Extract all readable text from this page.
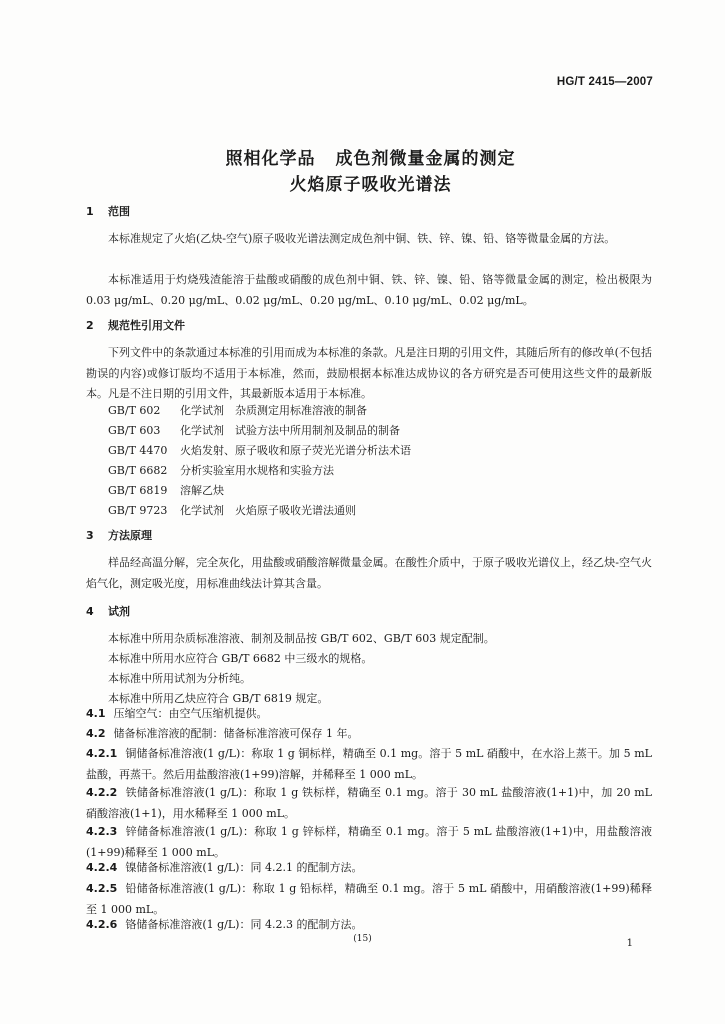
HG/T 2415—2007
照相化学品 成色剂微量金属的测定
火焰原子吸收光谱法
1 范围
本标准规定了火焰(乙炔-空气)原子吸收光谱法测定成色剂中铜、铁、锌、镍、铅、铬等微量金属的方法。
本标准适用于灼烧残渣能溶于盐酸或硝酸的成色剂中铜、铁、锌、镍、铅、铬等微量金属的测定，检出极限为 0.03 μg/mL、0.20 μg/mL、0.02 μg/mL、0.20 μg/mL、0.10 μg/mL、0.02 μg/mL。
2 规范性引用文件
下列文件中的条款通过本标准的引用而成为本标准的条款。凡是注日期的引用文件，其随后所有的修改单(不包括勘误的内容)或修订版均不适用于本标准，然而，鼓励根据本标准达成协议的各方研究是否可使用这些文件的最新版本。凡是不注日期的引用文件，其最新版本适用于本标准。
GB/T 602 化学试剂　杂质测定用标准溶液的制备
GB/T 603 化学试剂　试验方法中所用制剂及制品的制备
GB/T 4470 火焰发射、原子吸收和原子荧光光谱分析法术语
GB/T 6682 分析实验室用水规格和实验方法
GB/T 6819 溶解乙炔
GB/T 9723 化学试剂　火焰原子吸收光谱法通则
3 方法原理
样品经高温分解，完全灰化，用盐酸或硝酸溶解微量金属。在酸性介质中，于原子吸收光谱仪上，经乙炔-空气火焰气化，测定吸光度，用标准曲线法计算其含量。
4 试剂
本标准中所用杂质标准溶液、制剂及制品按 GB/T 602、GB/T 603 规定配制。
本标准中所用水应符合 GB/T 6682 中三级水的规格。
本标准中所用试剂为分析纯。
本标准中所用乙炔应符合 GB/T 6819 规定。
4.1 压缩空气：由空气压缩机提供。
4.2 储备标准溶液的配制：储备标准溶液可保存 1 年。
4.2.1 铜储备标准溶液(1 g/L)：称取 1 g 铜标样，精确至 0.1 mg。溶于 5 mL 硝酸中，在水浴上蒸干。加 5 mL 盐酸，再蒸干。然后用盐酸溶液(1+99)溶解，并稀释至 1 000 mL。
4.2.2 铁储备标准溶液(1 g/L)：称取 1 g 铁标样，精确至 0.1 mg。溶于 30 mL 盐酸溶液(1+1)中，加 20 mL 硝酸溶液(1+1)，用水稀释至 1 000 mL。
4.2.3 锌储备标准溶液(1 g/L)：称取 1 g 锌标样，精确至 0.1 mg。溶于 5 mL 盐酸溶液(1+1)中，用盐酸溶液(1+99)稀释至 1 000 mL。
4.2.4 镍储备标准溶液(1 g/L)：同 4.2.1 的配制方法。
4.2.5 铅储备标准溶液(1 g/L)：称取 1 g 铅标样，精确至 0.1 mg。溶于 5 mL 硝酸中，用硝酸溶液(1+99)稀释至 1 000 mL。
4.2.6 铬储备标准溶液(1 g/L)：同 4.2.3 的配制方法。
(15)	1
